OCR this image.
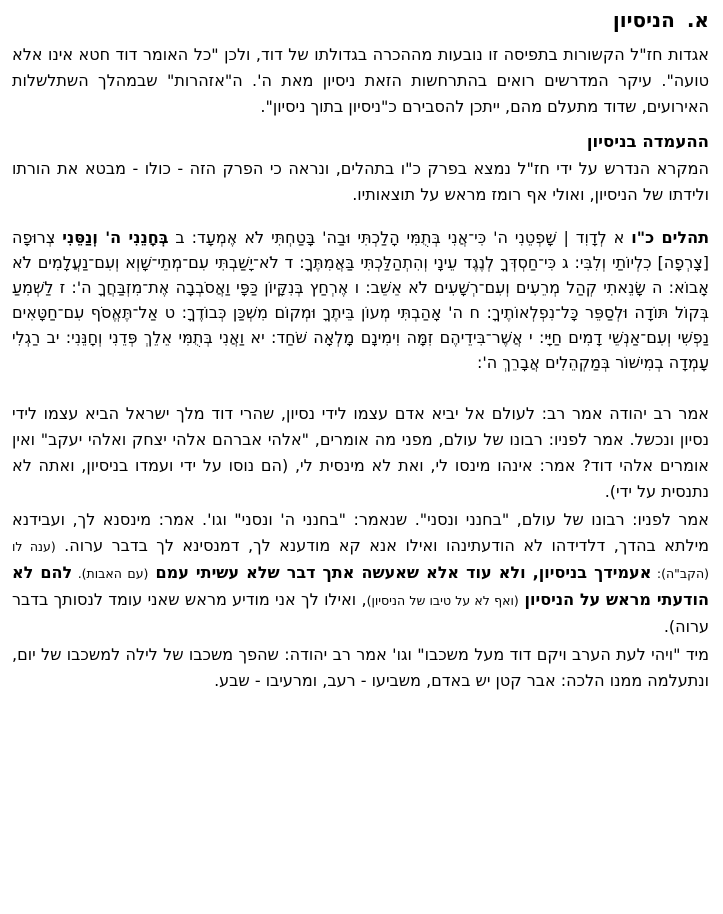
א.הניסיון

אגדות חז"ל הקשורות בתפיסה זו נובעות מההכרה בגדולתו של דוד, ולכן "כל האומר דוד חטא אינו אלא טועה". עיקר המדרשים רואים בהתרחשות הזאת ניסיון מאת ה'. ה"אזהרות" שבמהלך השתלשלות האירועים, שדוד מתעלם מהם, ייתכן להסבירם כ"ניסיון בתוך ניסיון".

ההעמדה בניסיון

המקרא הנדרש על ידי חז"ל נמצא בפרק כ"ו בתהלים, ונראה כי הפרק הזה - כולו - מבטא את הורתו ולידתו של הניסיון, ואולי אף רומז מראש על תוצאותיו.

תהלים כ"ו א לְדָוִד | שָׁפְטֵנִי ה' כִּי־אֲנִי בְּתֻמִּי הָלַכְתִּי וּבַה' בָּטַחְתִּי לֹא אֶמְעָד: ב בְּחָנֵנִי ה' וְנַסֵּנִי צְרוּפָה [צָרְפָה] כִלְיוֹתַי וְלִבִּי: ג כִּי־חַסְדְּךָ לְנֶגֶד עֵינָי וְהִתְהַלַּכְתִּי בַּאֲמִתֶּךָ: ד לֹא־יָשַׁבְתִּי עִם־מְתֵי־שָׁוְא וְעִם־נַעֲלָמִים לֹא אָבוֹא: ה שָׂנֵאתִי קְהַל מְרֵעִים וְעִם־רְשָׁעִים לֹא אֵשֵׁב: ו אֶרְחַץ בְּנִקָּיוֹן כַּפָּי וַאֲסֹבְבָה אֶת־מִזְבַּחֲךָ ה': ז לַשְׁמִעַ בְּקוֹל תּוֹדָה וּלְסַפֵּר כָּל־נִפְלְאוֹתֶיךָ: ח ה' אָהַבְתִּי מְעוֹן בֵּיתֶךָ וּמְקוֹם מִשְׁכַּן כְּבוֹדֶךָ: ט אַל־תֶּאֱסֹף עִם־חַטָּאִים נַפְשִׁי וְעִם־אַנְשֵׁי דָמִים חַיָּי: י אֲשֶׁר־בִּידֵיהֶם זִמָּה וִימִינָם מָלְאָה שֹׁחַד: יא וַאֲנִי בְּתֻמִּי אֵלֵךְ פְּדֵנִי וְחָנֵּנִי: יב רַגְלִי עָמְדָה בְמִישׁוֹר בְּמַקְהֵלִים אֲבָרֵךְ ה':

אמר רב יהודה אמר רב: לעולם אל יביא אדם עצמו לידי נסיון, שהרי דוד מלך ישראל הביא עצמו לידי נסיון ונכשל. אמר לפניו: רבונו של עולם, מפני מה אומרים, "אלהי אברהם אלהי יצחק ואלהי יעקב" ואין אומרים אלהי דוד? אמר: אינהו מינסו לי, ואת לא מינסית לי, (הם נוסו על ידי ועמדו בניסיון, ואתה לא נתנסית על ידי).

אמר לפניו: רבונו של עולם, "בחנני ונסני". שנאמר: "בחנני ה' ונסני" וגו'. אמר: מינסנא לך, ועבידנא מילתא בהדך, דלדידהו לא הודעתינהו ואילו אנא קא מודענא לך, דמנסינא לך בדבר ערוה. (ענה לו (הקב"ה): אעמידך בניסיון, ולא עוד אלא שאעשה אתך דבר שלא עשיתי עמם (עם האבות). להם לא הודעתי מראש על הניסיון (ואף לא על טיבו של הניסיון), ואילו לך אני מודיע מראש שאני עומד לנסותך בדבר ערוה).

מיד "ויהי לעת הערב ויקם דוד מעל משכבו" וגו' אמר רב יהודה: שהפך משכבו של לילה למשכבו של יום, ונתעלמה ממנו הלכה: אבר קטן יש באדם, משביעו - רעב, ומרעיבו - שבע.
